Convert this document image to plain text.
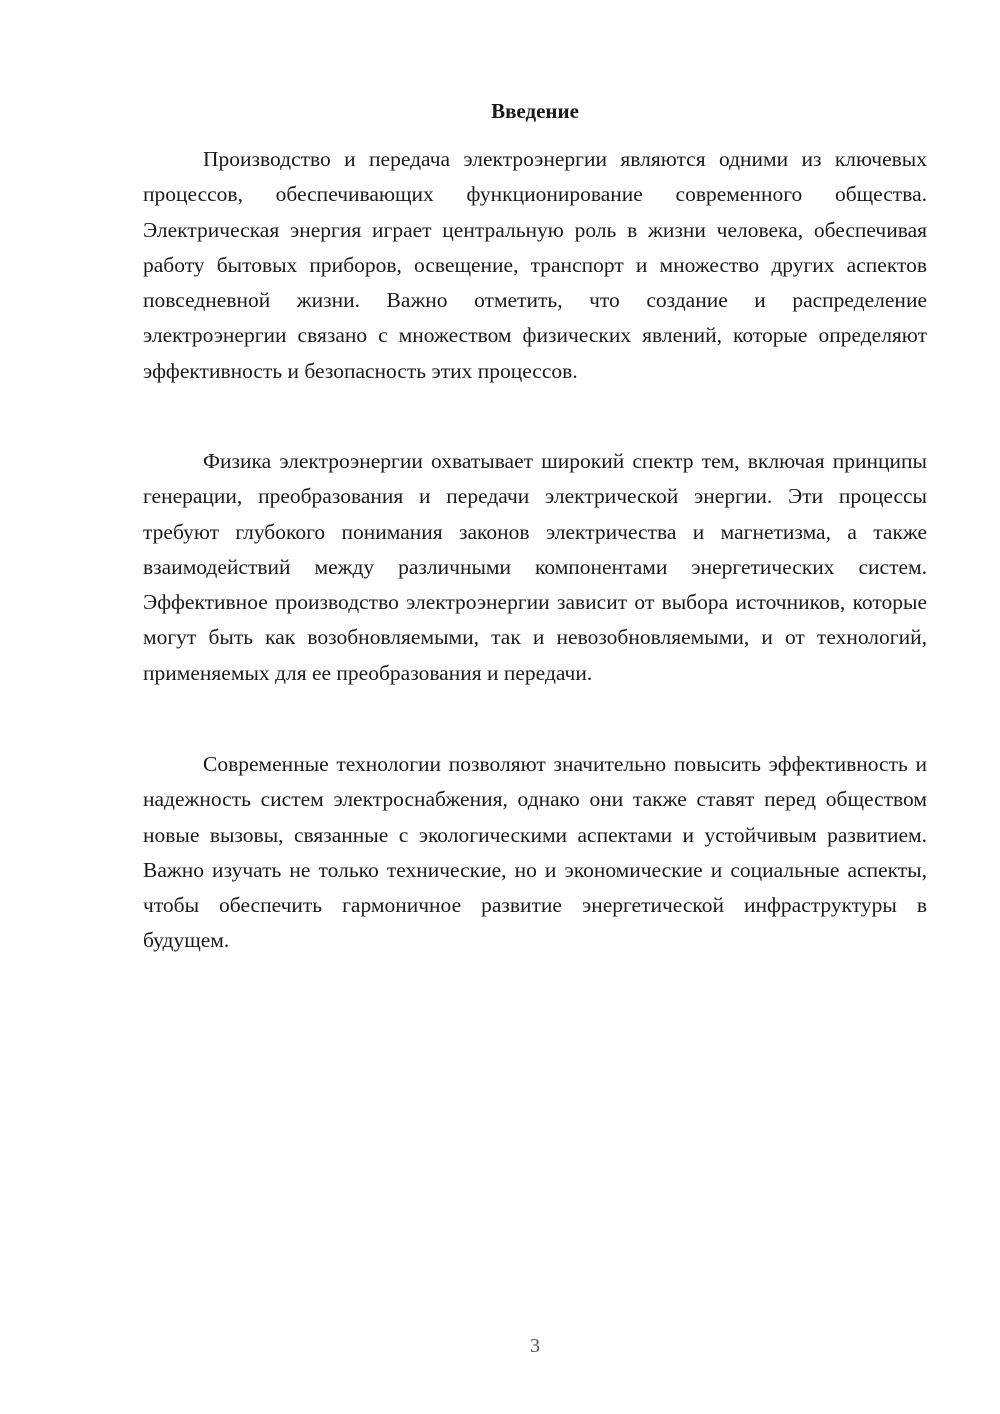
Введение

Производство и передача электроэнергии являются одними из ключевых процессов, обеспечивающих функционирование современного общества. Электрическая энергия играет центральную роль в жизни человека, обеспечивая работу бытовых приборов, освещение, транспорт и множество других аспектов повседневной жизни. Важно отметить, что создание и распределение электроэнергии связано с множеством физических явлений, которые определяют эффективность и безопасность этих процессов.

Физика электроэнергии охватывает широкий спектр тем, включая принципы генерации, преобразования и передачи электрической энергии. Эти процессы требуют глубокого понимания законов электричества и магнетизма, а также взаимодействий между различными компонентами энергетических систем. Эффективное производство электроэнергии зависит от выбора источников, которые могут быть как возобновляемыми, так и невозобновляемыми, и от технологий, применяемых для ее преобразования и передачи.

Современные технологии позволяют значительно повысить эффективность и надежность систем электроснабжения, однако они также ставят перед обществом новые вызовы, связанные с экологическими аспектами и устойчивым развитием. Важно изучать не только технические, но и экономические и социальные аспекты, чтобы обеспечить гармоничное развитие энергетической инфраструктуры в будущем.

3
